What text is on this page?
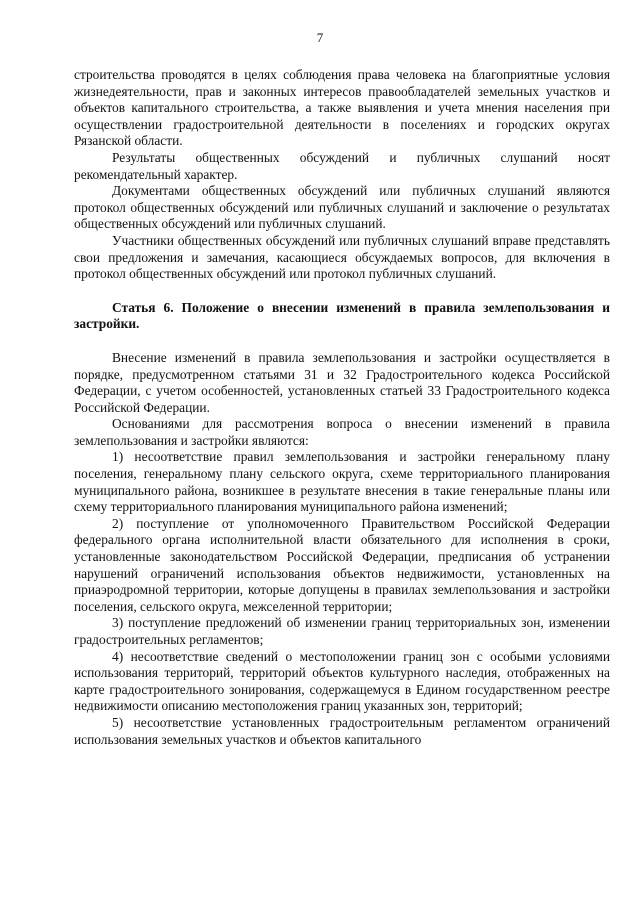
7

строительства проводятся в целях соблюдения права человека на благоприятные условия жизнедеятельности, прав и законных интересов правообладателей земельных участков и объектов капитального строительства, а также выявления и учета мнения населения при осуществлении градостроительной деятельности в поселениях и городских округах Рязанской области.

Результаты общественных обсуждений и публичных слушаний носят рекомендательный характер.

Документами общественных обсуждений или публичных слушаний являются протокол общественных обсуждений или публичных слушаний и заключение о результатах общественных обсуждений или публичных слушаний.

Участники общественных обсуждений или публичных слушаний вправе представлять свои предложения и замечания, касающиеся обсуждаемых вопросов, для включения в протокол общественных обсуждений или протокол публичных слушаний.

Статья 6. Положение о внесении изменений в правила землепользования и застройки.

Внесение изменений в правила землепользования и застройки осуществляется в порядке, предусмотренном статьями 31 и 32 Градостроительного кодекса Российской Федерации, с учетом особенностей, установленных статьей 33 Градостроительного кодекса Российской Федерации.

Основаниями для рассмотрения вопроса о внесении изменений в правила землепользования и застройки являются:

1) несоответствие правил землепользования и застройки генеральному плану поселения, генеральному плану сельского округа, схеме территориального планирования муниципального района, возникшее в результате внесения в такие генеральные планы или схему территориального планирования муниципального района изменений;

2) поступление от уполномоченного Правительством Российской Федерации федерального органа исполнительной власти обязательного для исполнения в сроки, установленные законодательством Российской Федерации, предписания об устранении нарушений ограничений использования объектов недвижимости, установленных на приаэродромной территории, которые допущены в правилах землепользования и застройки поселения, сельского округа, межселенной территории;

3) поступление предложений об изменении границ территориальных зон, изменении градостроительных регламентов;

4) несоответствие сведений о местоположении границ зон с особыми условиями использования территорий, территорий объектов культурного наследия, отображенных на карте градостроительного зонирования, содержащемуся в Едином государственном реестре недвижимости описанию местоположения границ указанных зон, территорий;

5) несоответствие установленных градостроительным регламентом ограничений использования земельных участков и объектов капитального
